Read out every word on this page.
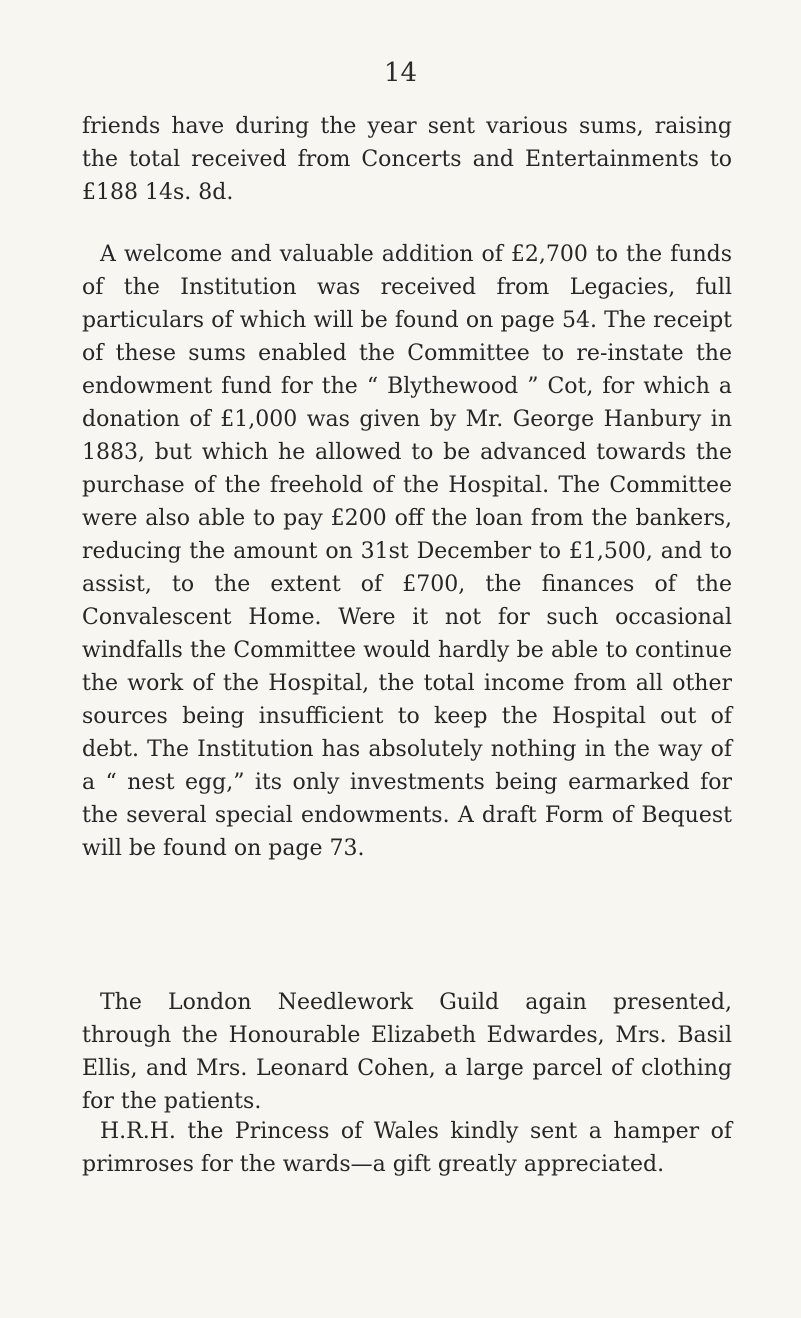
14

friends have during the year sent various sums, raising the total received from Concerts and Entertainments to £188 14s. 8d.

A welcome and valuable addition of £2,700 to the funds of the Institution was received from Legacies, full particulars of which will be found on page 54. The receipt of these sums enabled the Committee to re-instate the endowment fund for the “ Blythewood ” Cot, for which a donation of £1,000 was given by Mr. George Hanbury in 1883, but which he allowed to be advanced towards the purchase of the freehold of the Hospital. The Committee were also able to pay £200 off the loan from the bankers, reducing the amount on 31st December to £1,500, and to assist, to the extent of £700, the finances of the Convalescent Home. Were it not for such occasional windfalls the Committee would hardly be able to continue the work of the Hospital, the total income from all other sources being insufficient to keep the Hospital out of debt. The Institution has absolutely nothing in the way of a “ nest egg,” its only investments being earmarked for the several special endowments. A draft Form of Bequest will be found on page 73.

The London Needlework Guild again presented, through the Honourable Elizabeth Edwardes, Mrs. Basil Ellis, and Mrs. Leonard Cohen, a large parcel of clothing for the patients.

H.R.H. the Princess of Wales kindly sent a hamper of primroses for the wards—a gift greatly appreciated.
